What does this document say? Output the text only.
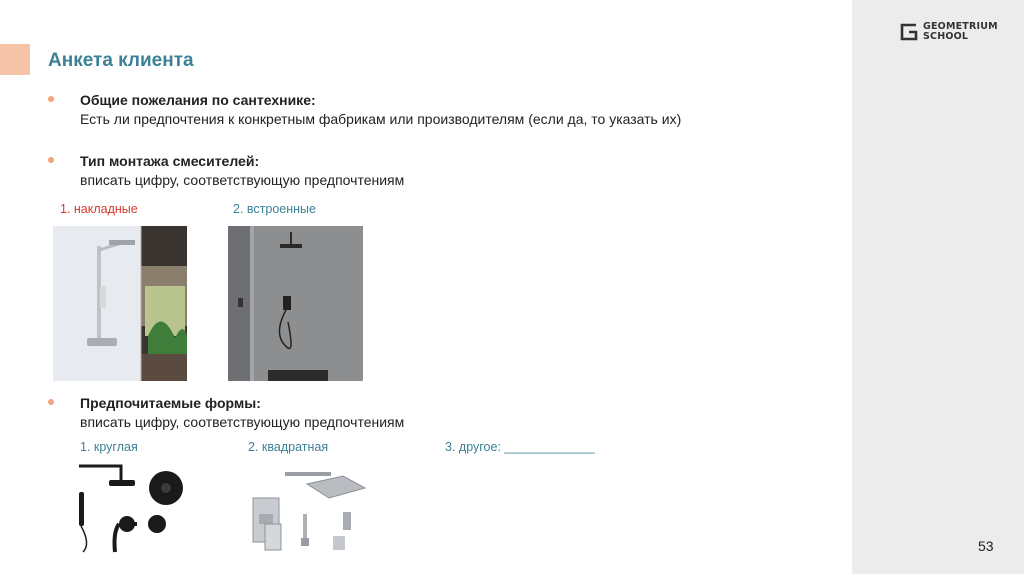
GEOMETRIUM
SCHOOL
Анкета клиента
Общие пожелания по сантехнике:
Есть ли предпочтения к конкретным фабрикам или производителям (если да, то указать их)
Тип монтажа смесителей:
вписать цифру, соответствующую предпочтениям
1. накладные	2. встроенные
Предпочитаемые формы:
вписать цифру, соответствующую предпочтениям
1. круглая	2. квадратная	3. другое: _____________
53
